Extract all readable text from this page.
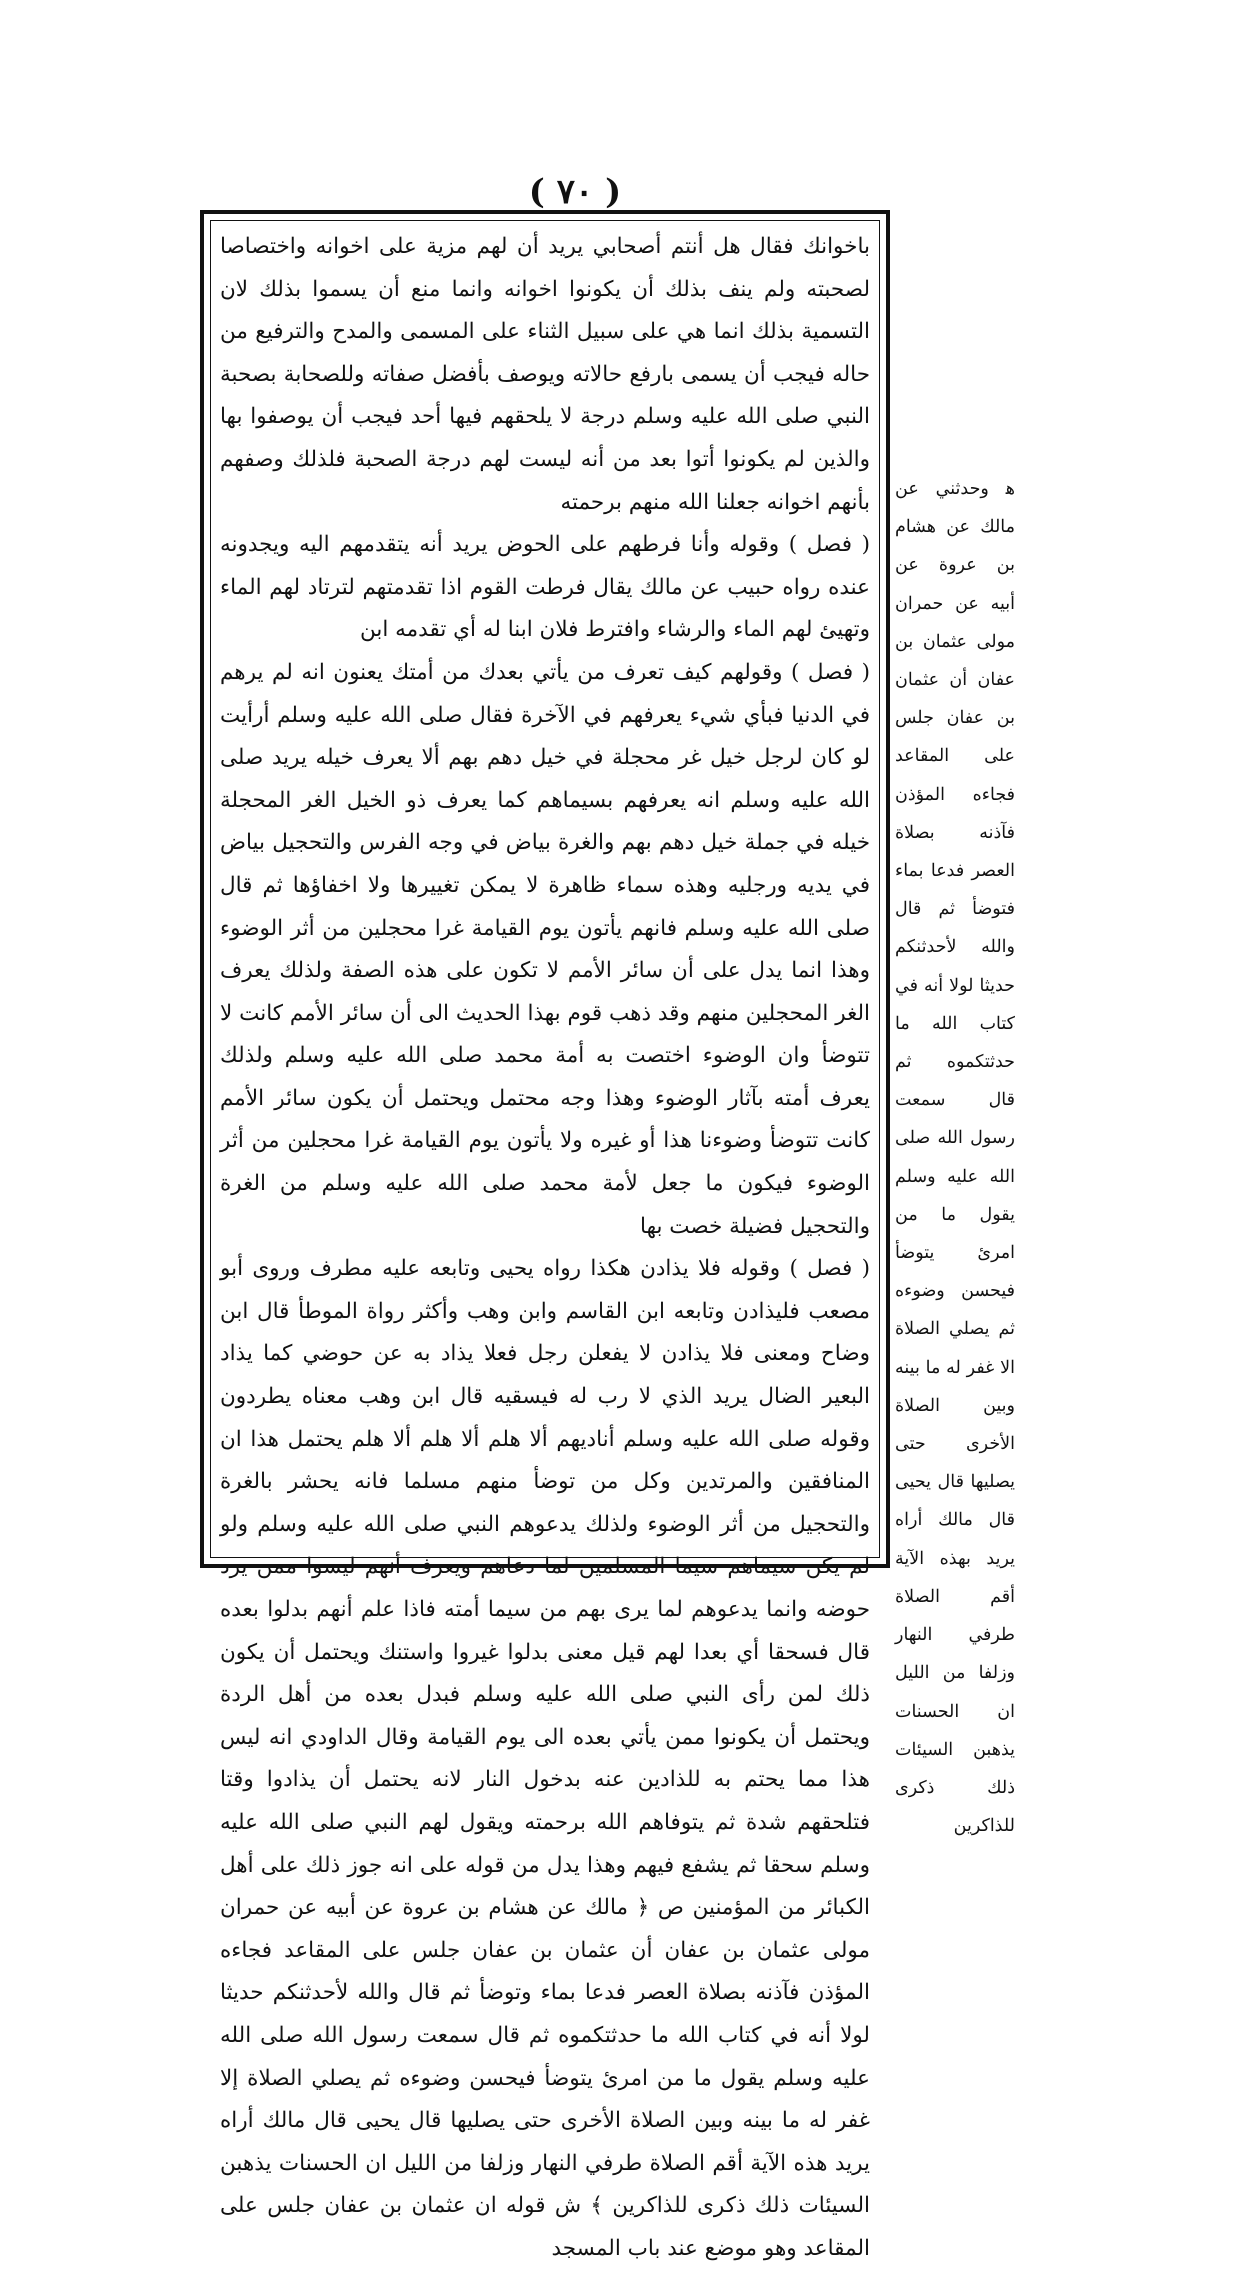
( ٧٠ )

باخوانك فقال هل أنتم أصحابي يريد أن لهم مزية على اخوانه واختصاصا لصحبته ولم ينف بذلك أن يكونوا اخوانه وانما منع أن يسموا بذلك لان التسمية بذلك انما هي على سبيل الثناء على المسمى والمدح والترفيع من حاله فيجب أن يسمى بارفع حالاته ويوصف بأفضل صفاته وللصحابة بصحبة النبي صلى الله عليه وسلم درجة لا يلحقهم فيها أحد فيجب أن يوصفوا بها والذين لم يكونوا أتوا بعد من أنه ليست لهم درجة الصحبة فلذلك وصفهم بأنهم اخوانه جعلنا الله منهم برحمته

( فصل ) وقوله وأنا فرطهم على الحوض يريد أنه يتقدمهم اليه ويجدونه عنده رواه حبيب عن مالك يقال فرطت القوم اذا تقدمتهم لترتاد لهم الماء وتهيئ لهم الماء والرشاء وافترط فلان ابنا له أي تقدمه ابن

( فصل ) وقولهم كيف تعرف من يأتي بعدك من أمتك يعنون انه لم يرهم في الدنيا فبأي شيء يعرفهم في الآخرة فقال صلى الله عليه وسلم أرأيت لو كان لرجل خيل غر محجلة في خيل دهم بهم ألا يعرف خيله يريد صلى الله عليه وسلم انه يعرفهم بسيماهم كما يعرف ذو الخيل الغر المحجلة خيله في جملة خيل دهم بهم والغرة بياض في وجه الفرس والتحجيل بياض في يديه ورجليه وهذه سماء ظاهرة لا يمكن تغييرها ولا اخفاؤها ثم قال صلى الله عليه وسلم فانهم يأتون يوم القيامة غرا محجلين من أثر الوضوء وهذا انما يدل على أن سائر الأمم لا تكون على هذه الصفة ولذلك يعرف الغر المحجلين منهم وقد ذهب قوم بهذا الحديث الى أن سائر الأمم كانت لا تتوضأ وان الوضوء اختصت به أمة محمد صلى الله عليه وسلم ولذلك يعرف أمته بآثار الوضوء وهذا وجه محتمل ويحتمل أن يكون سائر الأمم كانت تتوضأ وضوءنا هذا أو غيره ولا يأتون يوم القيامة غرا محجلين من أثر الوضوء فيكون ما جعل لأمة محمد صلى الله عليه وسلم من الغرة والتحجيل فضيلة خصت بها

( فصل ) وقوله فلا يذادن هكذا رواه يحيى وتابعه عليه مطرف وروى أبو مصعب فليذادن وتابعه ابن القاسم وابن وهب وأكثر رواة الموطأ قال ابن وضاح ومعنى فلا يذادن لا يفعلن رجل فعلا يذاد به عن حوضي كما يذاد البعير الضال يريد الذي لا رب له فيسقيه قال ابن وهب معناه يطردون وقوله صلى الله عليه وسلم أناديهم ألا هلم ألا هلم ألا هلم يحتمل هذا ان المنافقين والمرتدين وكل من توضأ منهم مسلما فانه يحشر بالغرة والتحجيل من أثر الوضوء ولذلك يدعوهم النبي صلى الله عليه وسلم ولو لم يكن سيماهم سيما المسلمين لما دعاهم ويعرف أنهم ليسوا ممن يرد حوضه وانما يدعوهم لما يرى بهم من سيما أمته فاذا علم أنهم بدلوا بعده قال فسحقا أي بعدا لهم قيل معنى بدلوا غيروا واستنك ويحتمل أن يكون ذلك لمن رأى النبي صلى الله عليه وسلم فبدل بعده من أهل الردة ويحتمل أن يكونوا ممن يأتي بعده الى يوم القيامة وقال الداودي انه ليس هذا مما يحتم به للذادين عنه بدخول النار لانه يحتمل أن يذادوا وقتا فتلحقهم شدة ثم يتوفاهم الله برحمته ويقول لهم النبي صلى الله عليه وسلم سحقا ثم يشفع فيهم وهذا يدل من قوله على انه جوز ذلك على أهل الكبائر من المؤمنين ص ﴿ مالك عن هشام بن عروة عن أبيه عن حمران مولى عثمان بن عفان أن عثمان بن عفان جلس على المقاعد فجاءه المؤذن فآذنه بصلاة العصر فدعا بماء وتوضأ ثم قال والله لأحدثنكم حديثا لولا أنه في كتاب الله ما حدثتكموه ثم قال سمعت رسول الله صلى الله عليه وسلم يقول ما من امرئ يتوضأ فيحسن وضوءه ثم يصلي الصلاة إلا غفر له ما بينه وبين الصلاة الأخرى حتى يصليها قال يحيى قال مالك أراه يريد هذه الآية أقم الصلاة طرفي النهار وزلفا من الليل ان الحسنات يذهبن السيئات ذلك ذكرى للذاكرين ﴾ ش قوله ان عثمان بن عفان جلس على المقاعد وهو موضع عند باب المسجد

ﻫ وحدثني عن مالك عن هشام بن عروة عن أبيه عن حمران مولى عثمان بن عفان أن عثمان بن عفان جلس على المقاعد فجاءه المؤذن فآذنه بصلاة العصر فدعا بماء فتوضأ ثم قال والله لأحدثنكم حديثا لولا أنه في كتاب الله ما حدثتكموه ثم قال سمعت رسول الله صلى الله عليه وسلم يقول ما من امرئ يتوضأ فيحسن وضوءه ثم يصلي الصلاة الا غفر له ما بينه وبين الصلاة الأخرى حتى يصليها قال يحيى قال مالك أراه يريد بهذه الآية أقم الصلاة طرفي النهار وزلفا من الليل ان الحسنات يذهبن السيئات ذلك ذكرى للذاكرين
